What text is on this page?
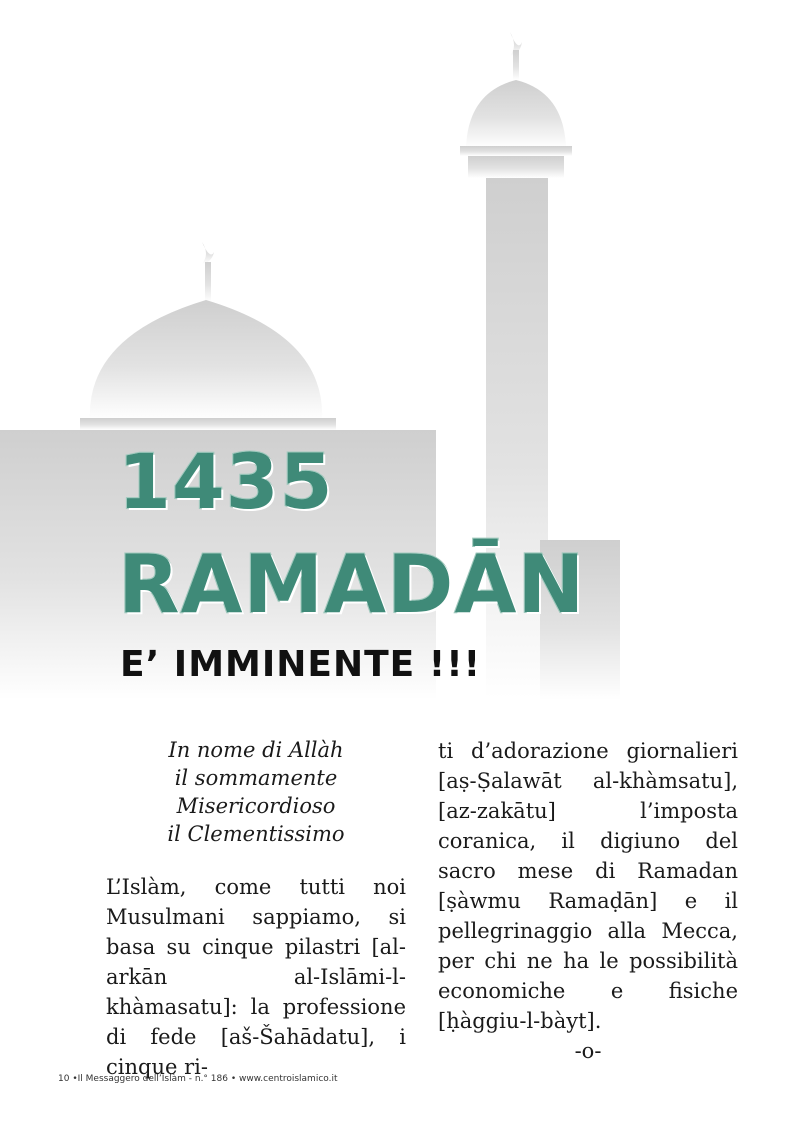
1435
RAMADĀN
E’ IMMINENTE !!!

In nome di Allàh
il sommamente Misericordioso
il Clementissimo

L’Islàm, come tutti noi Musulmani sappiamo, si basa su cinque pilastri [al-arkān al-Islāmi-l-khàmasatu]: la professione di fede [aš-Šahādatu], i cinque ri-

ti d’adorazione giornalieri [aṣ-Ṣalawāt al-khàmsatu], [az-zakātu] l’imposta coranica, il digiuno del sacro mese di Ramadan [ṣàwmu Ramaḍān] e il pellegrinaggio alla Mecca, per chi ne ha le possibilità economiche e fisiche [ḥàggiu-l-bàyt].

-o-

10 •Il Messaggero dell’Islàm - n.° 186 • www.centroislamico.it
